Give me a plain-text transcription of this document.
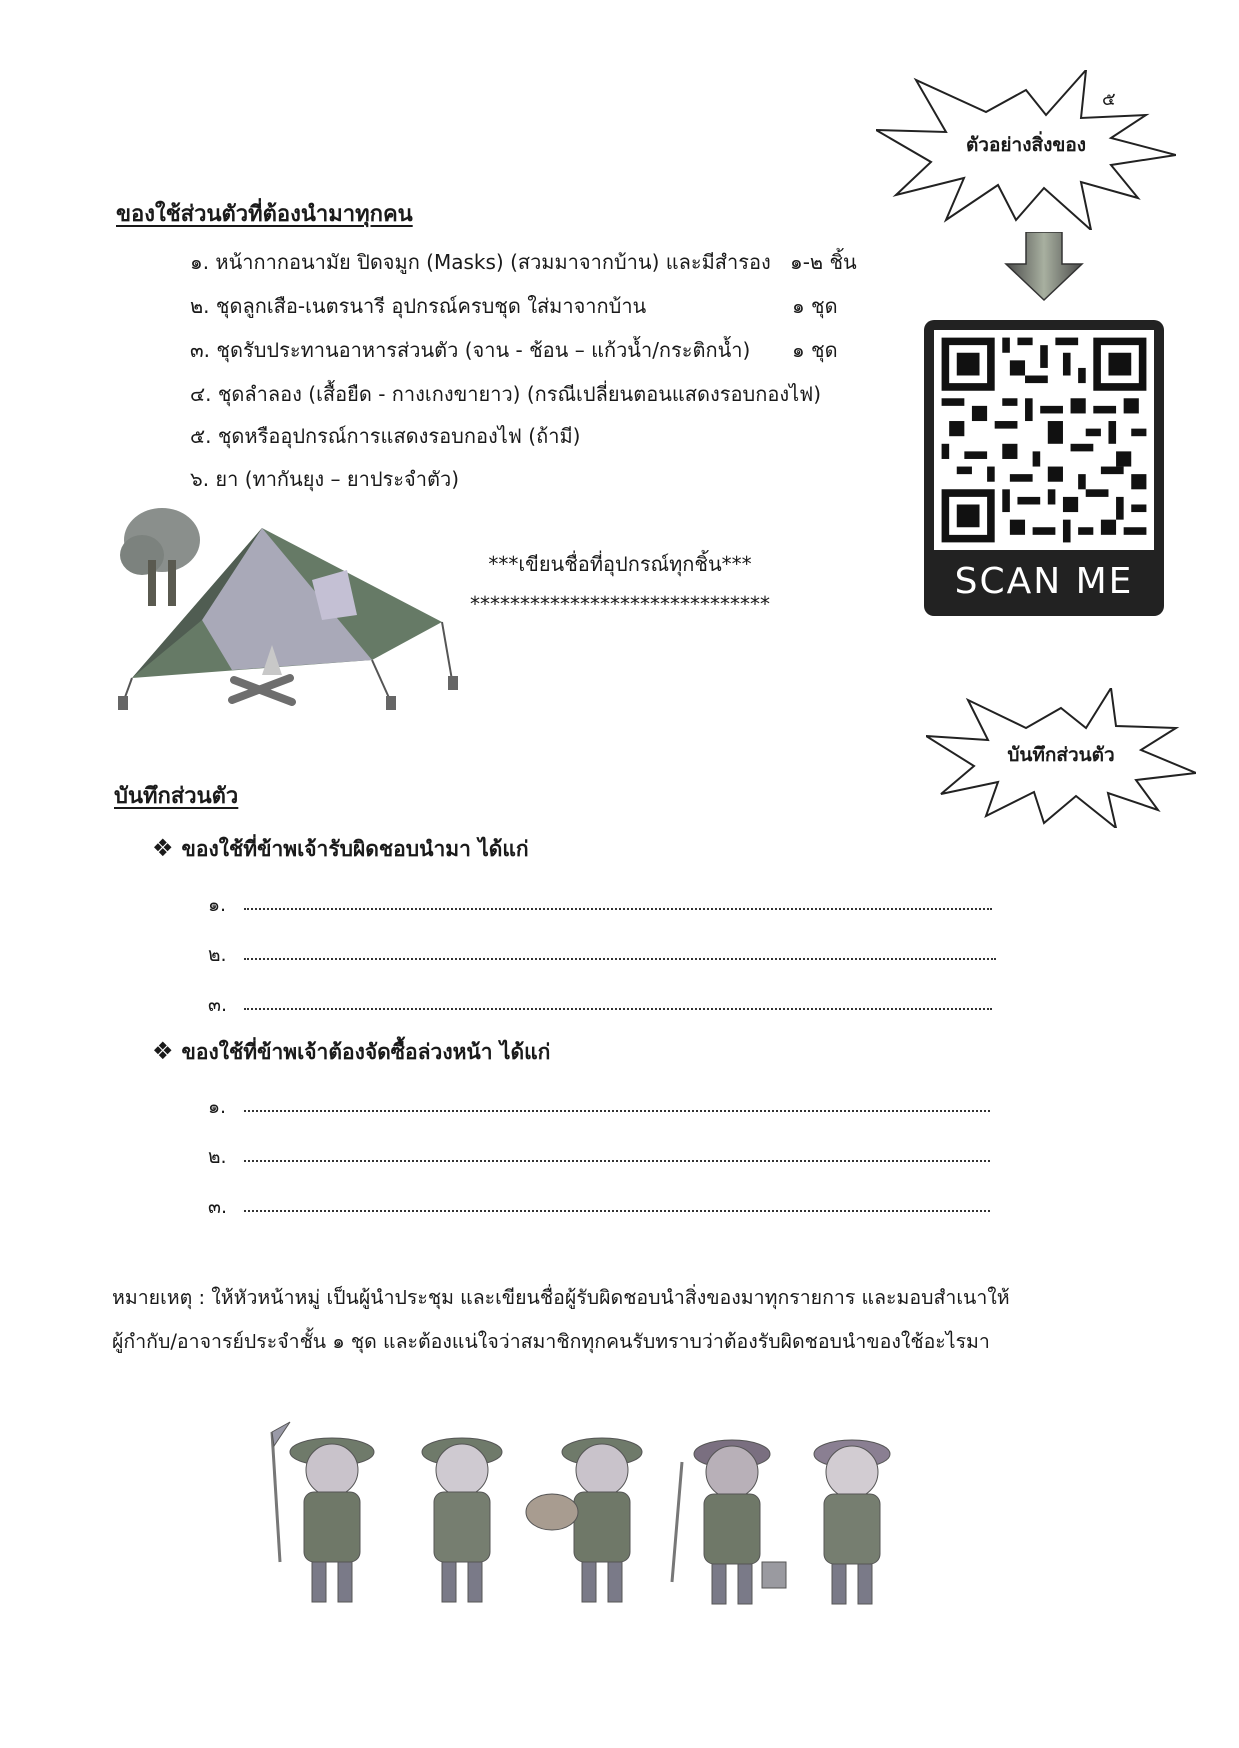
๕
ตัวอย่างสิ่งของ
SCAN ME
ของใช้ส่วนตัวที่ต้องนำมาทุกคน
๑. หน้ากากอนามัย ปิดจมูก (Masks) (สวมมาจากบ้าน) และมีสำรอง ๑-๒ ชิ้น
๒. ชุดลูกเสือ-เนตรนารี อุปกรณ์ครบชุด ใส่มาจากบ้าน	๑ ชุด
๓. ชุดรับประทานอาหารส่วนตัว (จาน - ช้อน – แก้วน้ำ/กระติกน้ำ) ๑ ชุด
๔. ชุดลำลอง (เสื้อยืด - กางเกงขายาว) (กรณีเปลี่ยนตอนแสดงรอบกองไฟ)
๕. ชุดหรืออุปกรณ์การแสดงรอบกองไฟ (ถ้ามี)
๖. ยา (ทากันยุง – ยาประจำตัว)
***เขียนชื่อที่อุปกรณ์ทุกชิ้น***
******************************
บันทึกส่วนตัว
บันทึกส่วนตัว
❖ ของใช้ที่ข้าพเจ้ารับผิดชอบนำมา ได้แก่
๑.
๒.
๓.
❖ ของใช้ที่ข้าพเจ้าต้องจัดซื้อล่วงหน้า ได้แก่
๑.
๒.
๓.
หมายเหตุ : ให้หัวหน้าหมู่ เป็นผู้นำประชุม และเขียนชื่อผู้รับผิดชอบนำสิ่งของมาทุกรายการ และมอบสำเนาให้
ผู้กำกับ/อาจารย์ประจำชั้น ๑ ชุด และต้องแน่ใจว่าสมาชิกทุกคนรับทราบว่าต้องรับผิดชอบนำของใช้อะไรมา
